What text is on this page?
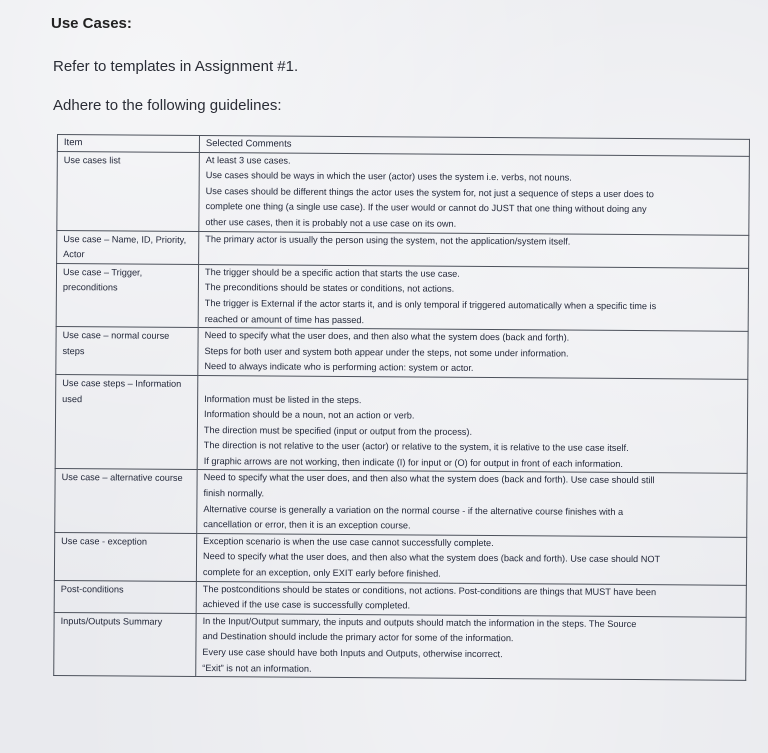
Use Cases:
Refer to templates in Assignment #1.
Adhere to the following guidelines:
Item	Selected Comments

Use cases list	At least 3 use cases.
Use cases should be ways in which the user (actor) uses the system i.e. verbs, not nouns.
Use cases should be different things the actor uses the system for, not just a sequence of steps a user does to
complete one thing (a single use case). If the user would or cannot do JUST that one thing without doing any
other use cases, then it is probably not a use case on its own.

Use case – Name, ID, Priority, Actor	The primary actor is usually the person using the system, not the application/system itself.

Use case – Trigger, preconditions	The trigger should be a specific action that starts the use case.
The preconditions should be states or conditions, not actions.
The trigger is External if the actor starts it, and is only temporal if triggered automatically when a specific time is
reached or amount of time has passed.

Use case – normal course steps	Need to specify what the user does, and then also what the system does (back and forth).
Steps for both user and system both appear under the steps, not some under information.
Need to always indicate who is performing action: system or actor.

Use case steps – Information used	Information must be listed in the steps.
Information should be a noun, not an action or verb.
The direction must be specified (input or output from the process).
The direction is not relative to the user (actor) or relative to the system, it is relative to the use case itself.
If graphic arrows are not working, then indicate (I) for input or (O) for output in front of each information.

Use case – alternative course	Need to specify what the user does, and then also what the system does (back and forth). Use case should still
finish normally.
Alternative course is generally a variation on the normal course - if the alternative course finishes with a
cancellation or error, then it is an exception course.

Use case - exception	Exception scenario is when the use case cannot successfully complete.
Need to specify what the user does, and then also what the system does (back and forth). Use case should NOT
complete for an exception, only EXIT early before finished.

Post-conditions	The postconditions should be states or conditions, not actions. Post-conditions are things that MUST have been
achieved if the use case is successfully completed.

Inputs/Outputs Summary	In the Input/Output summary, the inputs and outputs should match the information in the steps. The Source
and Destination should include the primary actor for some of the information.
Every use case should have both Inputs and Outputs, otherwise incorrect.
“Exit” is not an information.
